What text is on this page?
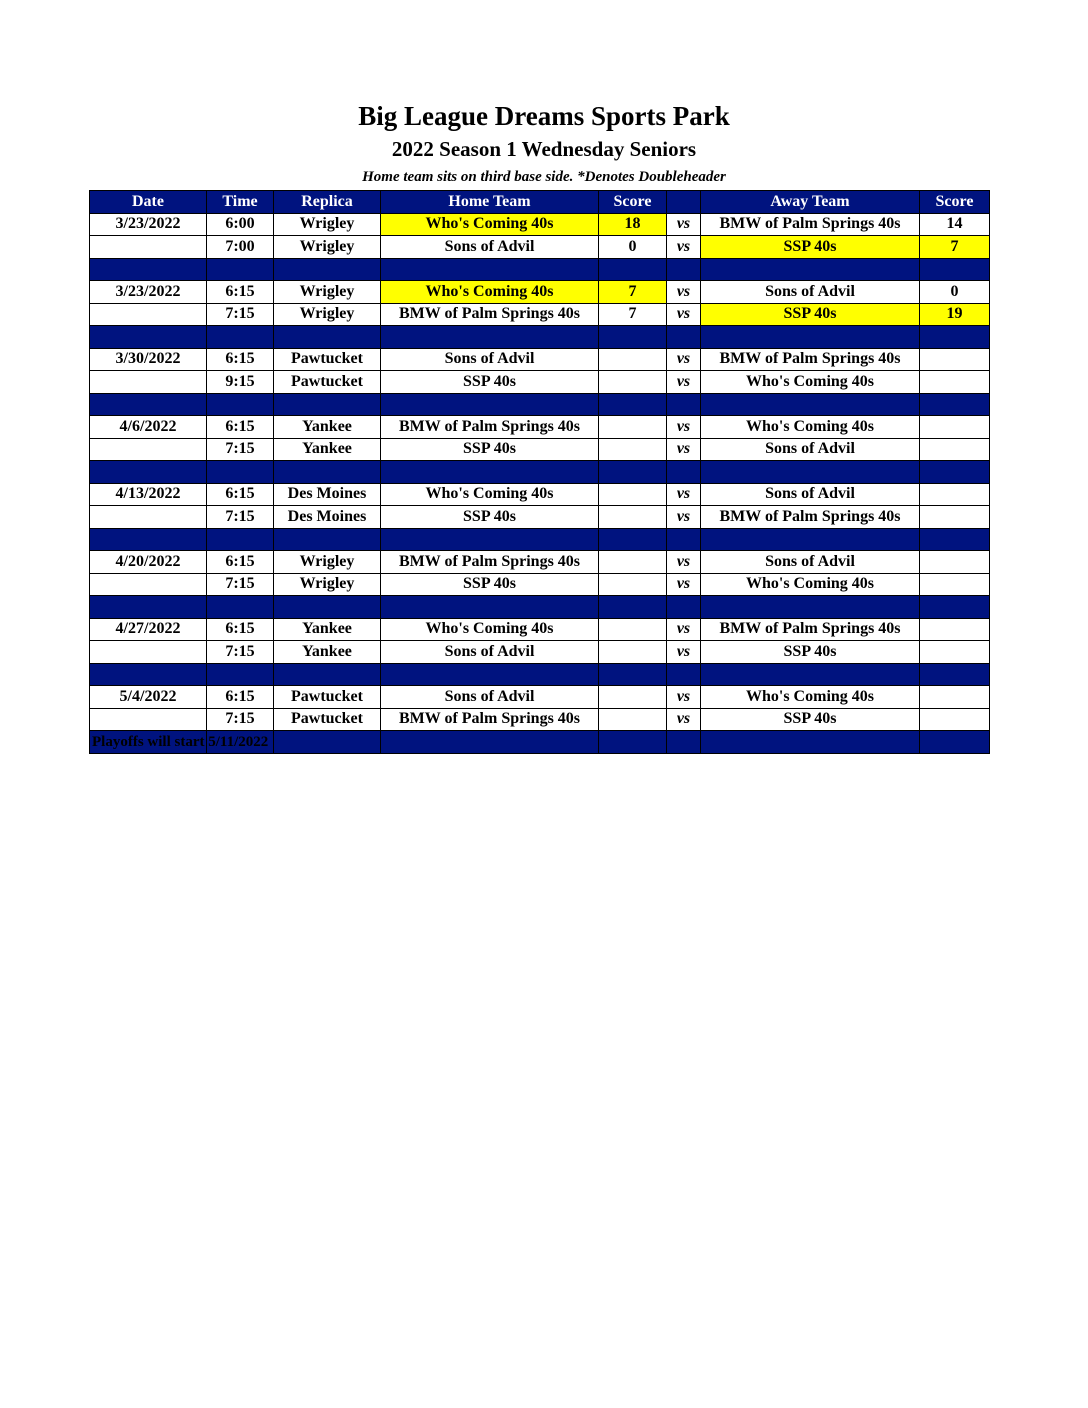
Big League Dreams Sports Park
2022 Season 1 Wednesday Seniors
Home team sits on third base side. *Denotes Doubleheader
Date	Time	Replica	Home Team	Score		Away Team	Score
3/23/2022	6:00	Wrigley	Who's Coming 40s	18	vs	BMW of Palm Springs 40s	14
	7:00	Wrigley	Sons of Advil	0	vs	SSP 40s	7

3/23/2022	6:15	Wrigley	Who's Coming 40s	7	vs	Sons of Advil	0
	7:15	Wrigley	BMW of Palm Springs 40s	7	vs	SSP 40s	19

3/30/2022	6:15	Pawtucket	Sons of Advil		vs	BMW of Palm Springs 40s	
	9:15	Pawtucket	SSP 40s		vs	Who's Coming 40s	

4/6/2022	6:15	Yankee	BMW of Palm Springs 40s		vs	Who's Coming 40s	
	7:15	Yankee	SSP 40s		vs	Sons of Advil	

4/13/2022	6:15	Des Moines	Who's Coming 40s		vs	Sons of Advil	
	7:15	Des Moines	SSP 40s		vs	BMW of Palm Springs 40s	

4/20/2022	6:15	Wrigley	BMW of Palm Springs 40s		vs	Sons of Advil	
	7:15	Wrigley	SSP 40s		vs	Who's Coming 40s	

4/27/2022	6:15	Yankee	Who's Coming 40s		vs	BMW of Palm Springs 40s	
	7:15	Yankee	Sons of Advil		vs	SSP 40s	

5/4/2022	6:15	Pawtucket	Sons of Advil		vs	Who's Coming 40s	
	7:15	Pawtucket	BMW of Palm Springs 40s		vs	SSP 40s	

Playoffs will start 5/11/2022
